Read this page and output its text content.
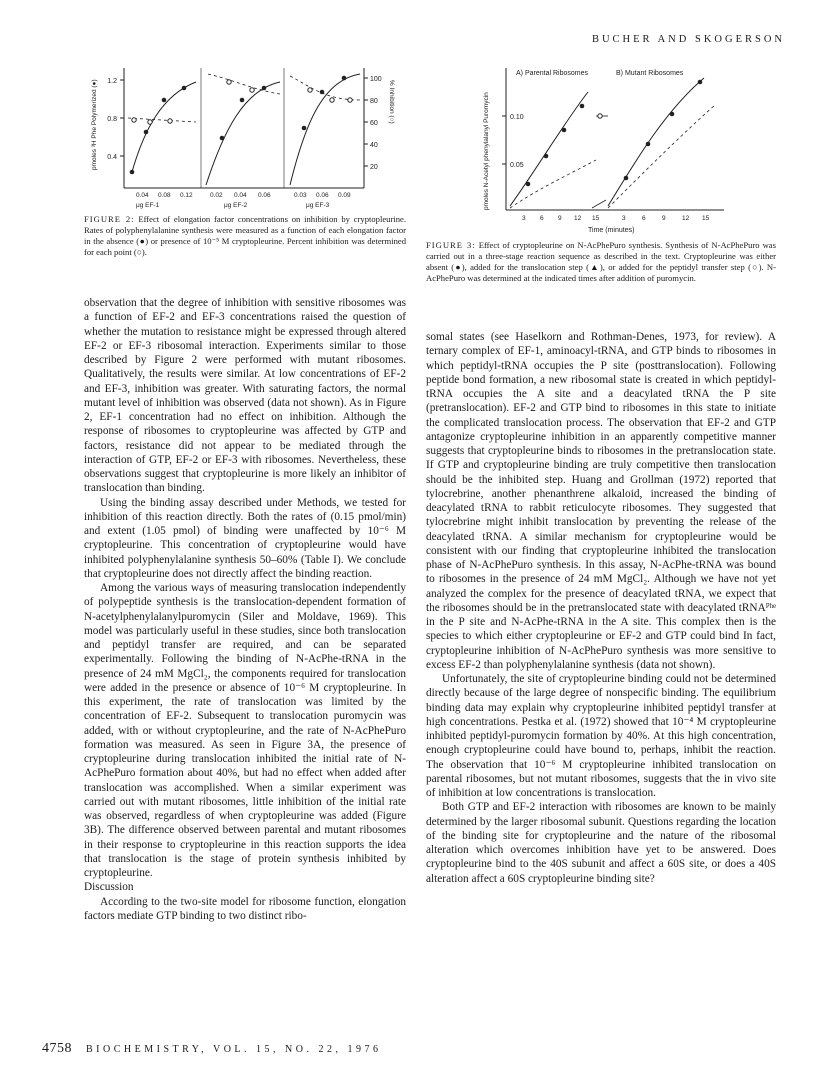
BUCHER AND SKOGERSON
1.2
0.8
0.4
100
80
60
40
20
pmoles ³H Phe Polymerized (●)	% Inhibition (○)
0.04 0.08 0.12	0.02 0.04 0.06	0.03 0.06 0.09
μg EF-1	μg EF-2	μg EF-3
FIGURE 2: Effect of elongation factor concentrations on inhibition by cryptopleurine. Rates of polyphenylalanine synthesis were measured as a function of each elongation factor in the absence (●) or presence of 10⁻⁵ M cryptopleurine. Percent inhibition was determined for each point (○).
0.10
0.05
pmoles N-Acetyl phenylalanyl Puromycin
A) Parental Ribosomes	B) Mutant Ribosomes
3 6 9 12 15	3	6	9	12 15
Time (minutes)
FIGURE 3: Effect of cryptopleurine on N-AcPhePuro synthesis. Synthesis of N-AcPhePuro was carried out in a three-stage reaction sequence as described in the text. Cryptopleurine was either absent (●), added for the translocation step (▲), or added for the peptidyl transfer step (○). N-AcPhePuro was determined at the indicated times after addition of puromycin.

observation that the degree of inhibition with sensitive ribosomes was a function of EF-2 and EF-3 concentrations raised the question of whether the mutation to resistance might be expressed through altered EF-2 or EF-3 ribosomal interaction. Experiments similar to those described by Figure 2 were performed with mutant ribosomes. Qualitatively, the results were similar. At low concentrations of EF-2 and EF-3, inhibition was greater. With saturating factors, the normal mutant level of inhibition was observed (data not shown). As in Figure 2, EF-1 concentration had no effect on inhibition. Although the response of ribosomes to cryptopleurine was affected by GTP and factors, resistance did not appear to be mediated through the interaction of GTP, EF-2 or EF-3 with ribosomes. Nevertheless, these observations suggest that cryptopleurine is more likely an inhibitor of translocation than binding.

Using the binding assay described under Methods, we tested for inhibition of this reaction directly. Both the rates of (0.15 pmol/min) and extent (1.05 pmol) of binding were unaffected by 10⁻⁶ M cryptopleurine. This concentration of cryptopleurine would have inhibited polyphenylalanine synthesis 50–60% (Table I). We conclude that cryptopleurine does not directly affect the binding reaction.

Among the various ways of measuring translocation independently of polypeptide synthesis is the translocation-dependent formation of N-acetylphenylalanylpuromycin (Siler and Moldave, 1969). This model was particularly useful in these studies, since both translocation and peptidyl transfer are required, and can be separated experimentally. Following the binding of N-AcPhe-tRNA in the presence of 24 mM MgCl₂, the components required for translocation were added in the presence or absence of 10⁻⁶ M cryptopleurine. In this experiment, the rate of translocation was limited by the concentration of EF-2. Subsequent to translocation puromycin was added, with or without cryptopleurine, and the rate of N-AcPhePuro formation was measured. As seen in Figure 3A, the presence of cryptopleurine during translocation inhibited the initial rate of N-AcPhePuro formation about 40%, but had no effect when added after translocation was accomplished. When a similar experiment was carried out with mutant ribosomes, little inhibition of the initial rate was observed, regardless of when cryptopleurine was added (Figure 3B). The difference observed between parental and mutant ribosomes in their response to cryptopleurine in this reaction supports the idea that translocation is the stage of protein synthesis inhibited by cryptopleurine.

Discussion

According to the two-site model for ribosome function, elongation factors mediate GTP binding to two distinct ribo-

somal states (see Haselkorn and Rothman-Denes, 1973, for review). A ternary complex of EF-1, aminoacyl-tRNA, and GTP binds to ribosomes in which peptidyl-tRNA occupies the P site (posttranslocation). Following peptide bond formation, a new ribosomal state is created in which peptidyl-tRNA occupies the A site and a deacylated tRNA the P site (pretranslocation). EF-2 and GTP bind to ribosomes in this state to initiate the complicated translocation process. The observation that EF-2 and GTP antagonize cryptopleurine inhibition in an apparently competitive manner suggests that cryptopleurine binds to ribosomes in the pretranslocation state. If GTP and cryptopleurine binding are truly competitive then translocation should be the inhibited step. Huang and Grollman (1972) reported that tylocrebrine, another phenanthrene alkaloid, increased the binding of deacylated tRNA to rabbit reticulocyte ribosomes. They suggested that tylocrebrine might inhibit translocation by preventing the release of the deacylated tRNA. A similar mechanism for cryptopleurine would be consistent with our finding that cryptopleurine inhibited the translocation phase of N-AcPhePuro synthesis. In this assay, N-AcPhe-tRNA was bound to ribosomes in the presence of 24 mM MgCl₂. Although we have not yet analyzed the complex for the presence of deacylated tRNA, we expect that the ribosomes should be in the pretranslocated state with deacylated tRNAᴾʰᵉ in the P site and N-AcPhe-tRNA in the A site. This complex then is the species to which either cryptopleurine or EF-2 and GTP could bind In fact, cryptopleurine inhibition of N-AcPhePuro synthesis was more sensitive to excess EF-2 than polyphenylalanine synthesis (data not shown).

Unfortunately, the site of cryptopleurine binding could not be determined directly because of the large degree of nonspecific binding. The equilibrium binding data may explain why cryptopleurine inhibited peptidyl transfer at high concentrations. Pestka et al. (1972) showed that 10⁻⁴ M cryptopleurine inhibited peptidyl-puromycin formation by 40%. At this high concentration, enough cryptopleurine could have bound to, perhaps, inhibit the reaction. The observation that 10⁻⁶ M cryptopleurine inhibited translocation on parental ribosomes, but not mutant ribosomes, suggests that the in vivo site of inhibition at low concentrations is translocation.

Both GTP and EF-2 interaction with ribosomes are known to be mainly determined by the larger ribosomal subunit. Questions regarding the location of the binding site for cryptopleurine and the nature of the ribosomal alteration which overcomes inhibition have yet to be answered. Does cryptopleurine bind to the 40S subunit and affect a 60S site, or does a 40S alteration affect a 60S cryptopleurine binding site?

4758 BIOCHEMISTRY, VOL. 15, NO. 22, 1976
